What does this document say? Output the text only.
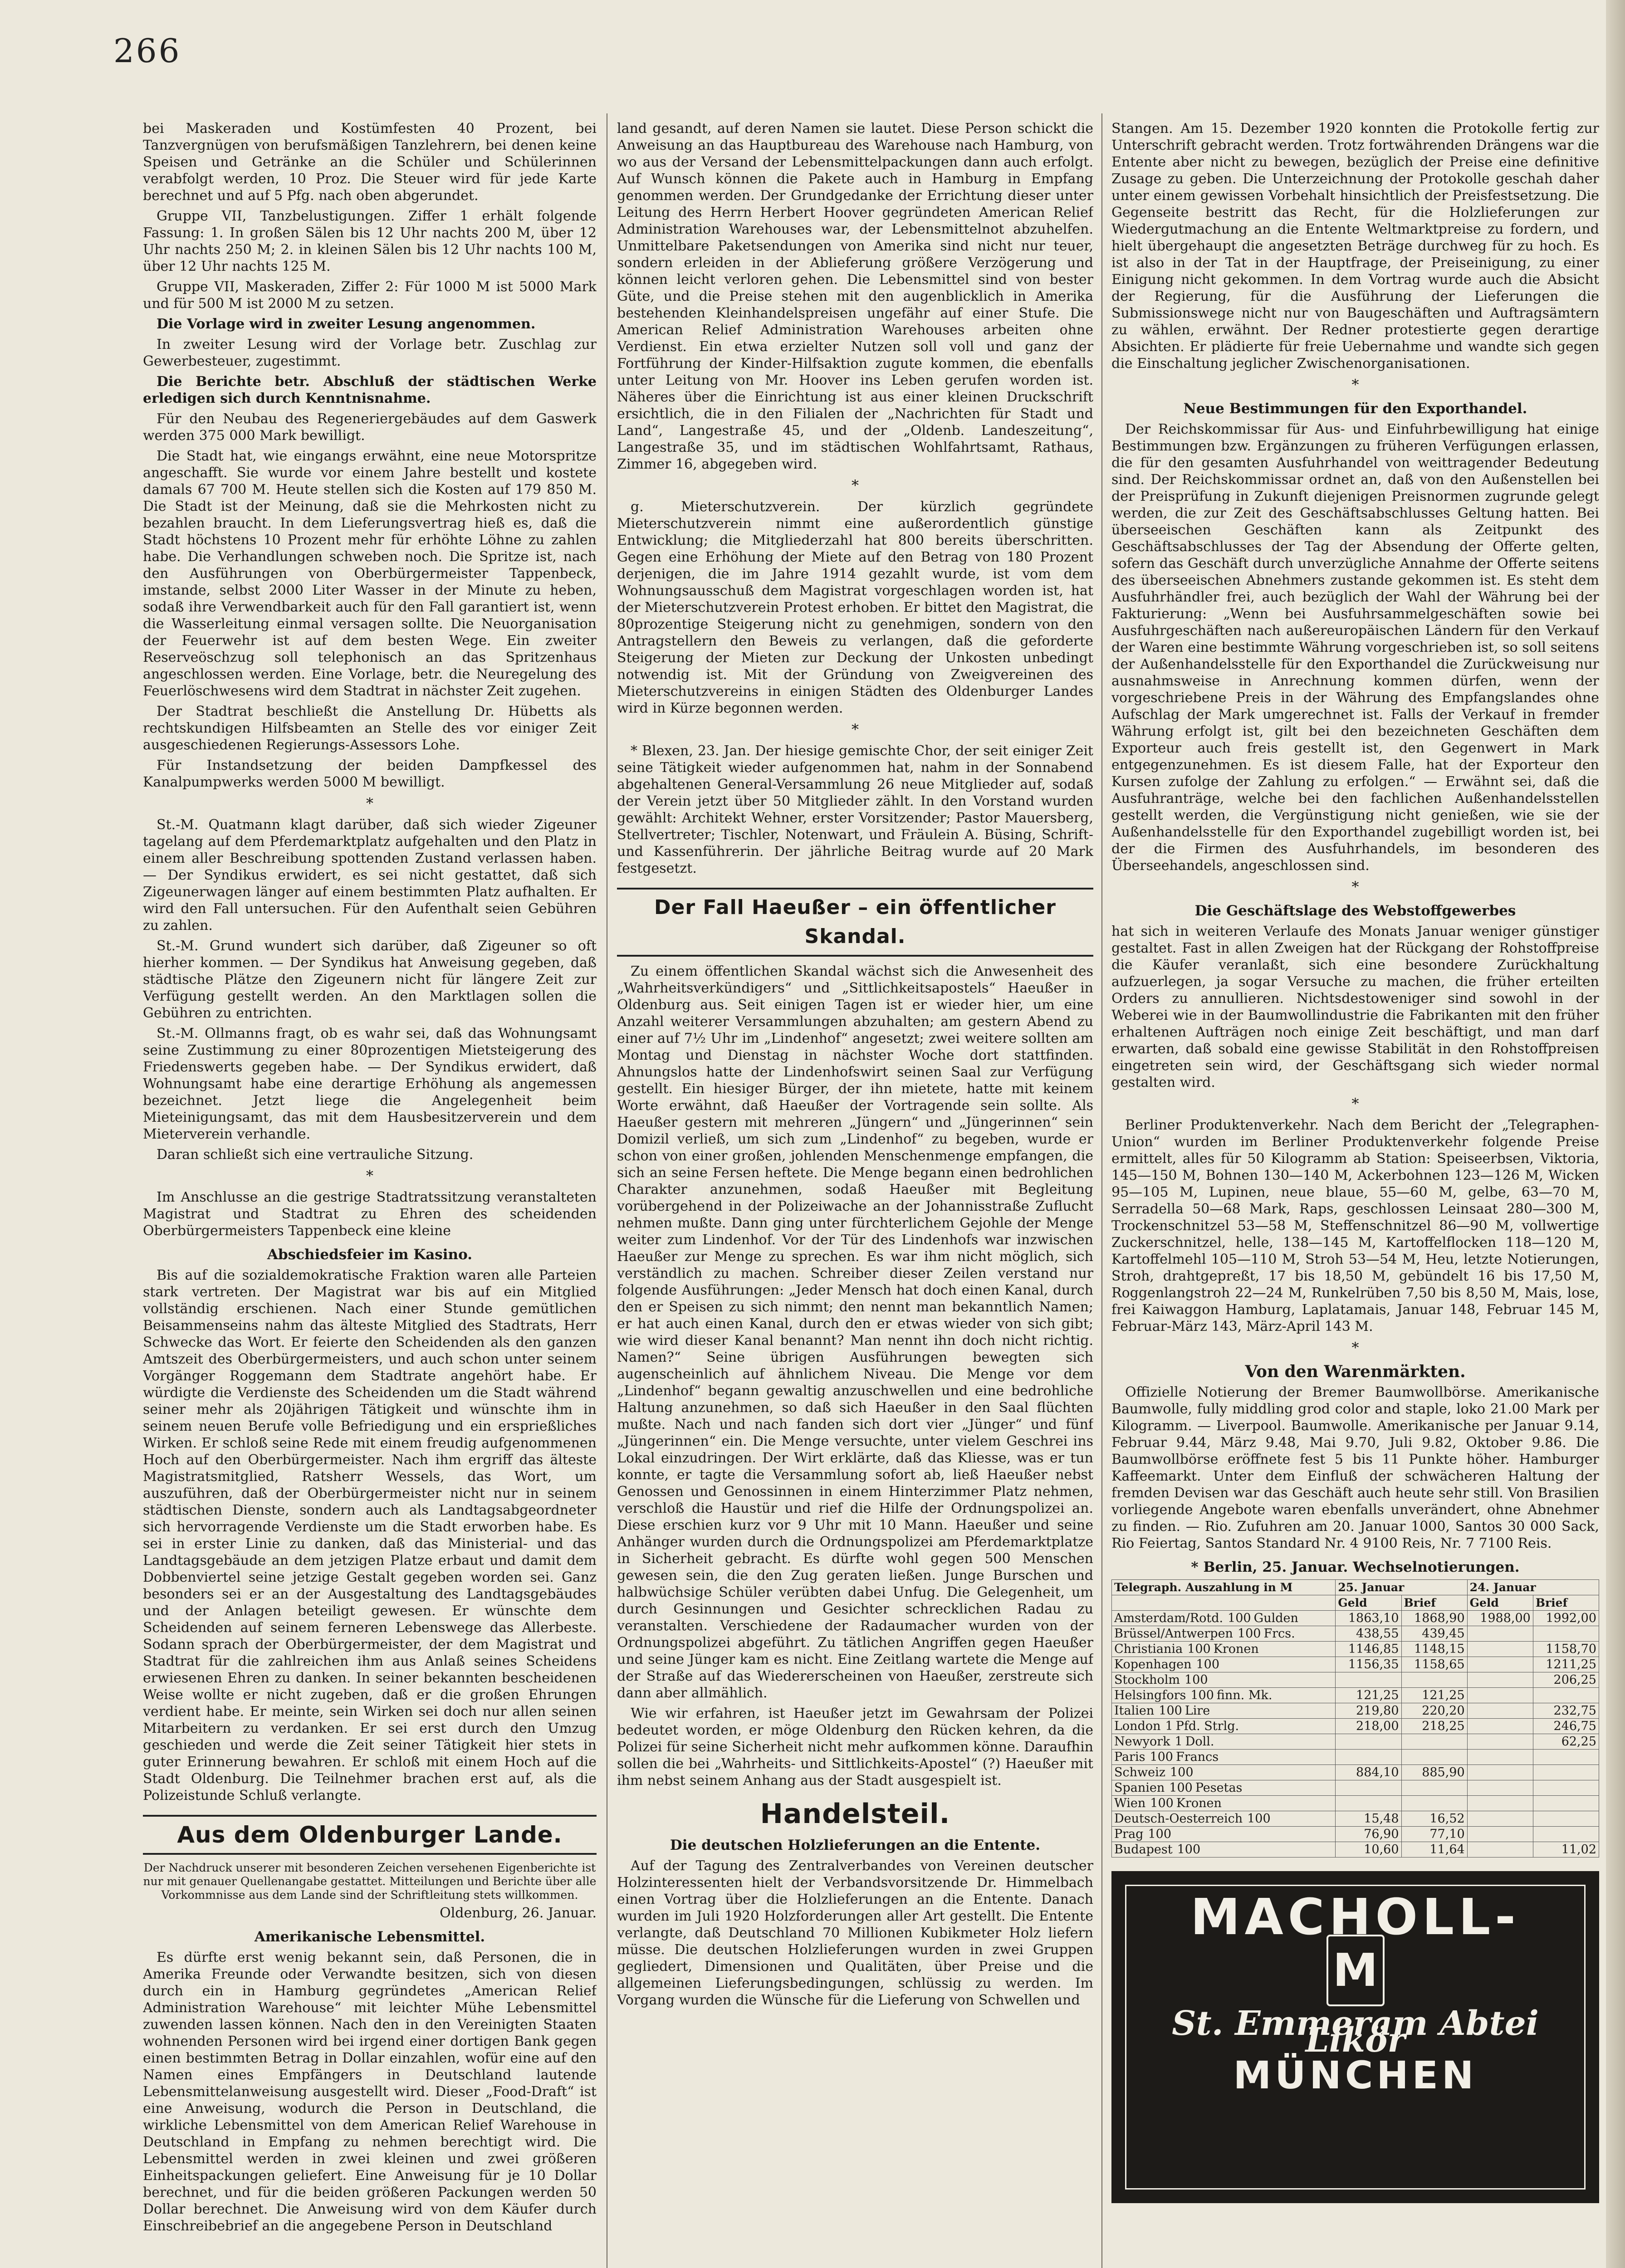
266

bei Maskeraden und Kostümfesten 40 Prozent, bei Tanzvergnügen von berufsmäßigen Tanzlehrern, bei denen keine Speisen und Getränke an die Schüler und Schülerinnen verabfolgt werden, 10 Proz. Die Steuer wird für jede Karte berechnet und auf 5 Pfg. nach oben abgerundet.

Gruppe VII, Tanzbelustigungen. Ziffer 1 erhält folgende Fassung: 1. In großen Sälen bis 12 Uhr nachts 200 M, über 12 Uhr nachts 250 M; 2. in kleinen Sälen bis 12 Uhr nachts 100 M, über 12 Uhr nachts 125 M.

Gruppe VII, Maskeraden, Ziffer 2: Für 1000 M ist 5000 Mark und für 500 M ist 2000 M zu setzen.

Die Vorlage wird in zweiter Lesung angenommen.

In zweiter Lesung wird der Vorlage betr. Zuschlag zur Gewerbesteuer, zugestimmt.

Die Berichte betr. Abschluß der städtischen Werke erledigen sich durch Kenntnisnahme.

Für den Neubau des Regeneriergebäudes auf dem Gaswerk werden 375 000 Mark bewilligt.

Die Stadt hat, wie eingangs erwähnt, eine neue Motorspritze angeschafft. Sie wurde vor einem Jahre bestellt und kostete damals 67 700 M. Heute stellen sich die Kosten auf 179 850 M. Die Stadt ist der Meinung, daß sie die Mehrkosten nicht zu bezahlen braucht. In dem Lieferungsvertrag hieß es, daß die Stadt höchstens 10 Prozent mehr für erhöhte Löhne zu zahlen habe. Die Verhandlungen schweben noch. Die Spritze ist, nach den Ausführungen von Oberbürgermeister Tappenbeck, imstande, selbst 2000 Liter Wasser in der Minute zu heben, sodaß ihre Verwendbarkeit auch für den Fall garantiert ist, wenn die Wasserleitung einmal versagen sollte. Die Neuorganisation der Feuerwehr ist auf dem besten Wege. Ein zweiter Reserveöschzug soll telephonisch an das Spritzenhaus angeschlossen werden. Eine Vorlage, betr. die Neuregelung des Feuerlöschwesens wird dem Stadtrat in nächster Zeit zugehen.

Der Stadtrat beschließt die Anstellung Dr. Hübetts als rechtskundigen Hilfsbeamten an Stelle des vor einiger Zeit ausgeschiedenen Regierungs-Assessors Lohe.

Für Instandsetzung der beiden Dampfkessel des Kanalpumpwerks werden 5000 M bewilligt.

*

St.-M. Quatmann klagt darüber, daß sich wieder Zigeuner tagelang auf dem Pferdemarktplatz aufgehalten und den Platz in einem aller Beschreibung spottenden Zustand verlassen haben. — Der Syndikus erwidert, es sei nicht gestattet, daß sich Zigeunerwagen länger auf einem bestimmten Platz aufhalten. Er wird den Fall untersuchen. Für den Aufenthalt seien Gebühren zu zahlen.

St.-M. Grund wundert sich darüber, daß Zigeuner so oft hierher kommen. — Der Syndikus hat Anweisung gegeben, daß städtische Plätze den Zigeunern nicht für längere Zeit zur Verfügung gestellt werden. An den Marktlagen sollen die Gebühren zu entrichten.

St.-M. Ollmanns fragt, ob es wahr sei, daß das Wohnungsamt seine Zustimmung zu einer 80prozentigen Mietsteigerung des Friedenswerts gegeben habe. — Der Syndikus erwidert, daß Wohnungsamt habe eine derartige Erhöhung als angemessen bezeichnet. Jetzt liege die Angelegenheit beim Mieteinigungsamt, das mit dem Hausbesitzerverein und dem Mieterverein verhandle.

Daran schließt sich eine vertrauliche Sitzung.

*

Im Anschlusse an die gestrige Stadtratssitzung veranstalteten Magistrat und Stadtrat zu Ehren des scheidenden Oberbürgermeisters Tappenbeck eine kleine

Abschiedsfeier im Kasino.

Bis auf die sozialdemokratische Fraktion waren alle Parteien stark vertreten. Der Magistrat war bis auf ein Mitglied vollständig erschienen. Nach einer Stunde gemütlichen Beisammenseins nahm das älteste Mitglied des Stadtrats, Herr Schwecke das Wort. Er feierte den Scheidenden als den ganzen Amtszeit des Oberbürgermeisters, und auch schon unter seinem Vorgänger Roggemann dem Stadtrate angehört habe. Er würdigte die Verdienste des Scheidenden um die Stadt während seiner mehr als 20jährigen Tätigkeit und wünschte ihm in seinem neuen Berufe volle Befriedigung und ein ersprießliches Wirken. Er schloß seine Rede mit einem freudig aufgenommenen Hoch auf den Oberbürgermeister. Nach ihm ergriff das älteste Magistratsmitglied, Ratsherr Wessels, das Wort, um auszuführen, daß der Oberbürgermeister nicht nur in seinem städtischen Dienste, sondern auch als Landtagsabgeordneter sich hervorragende Verdienste um die Stadt erworben habe. Es sei in erster Linie zu danken, daß das Ministerial- und das Landtagsgebäude an dem jetzigen Platze erbaut und damit dem Dobbenviertel seine jetzige Gestalt gegeben worden sei. Ganz besonders sei er an der Ausgestaltung des Landtagsgebäudes und der Anlagen beteiligt gewesen. Er wünschte dem Scheidenden auf seinem ferneren Lebenswege das Allerbeste. Sodann sprach der Oberbürgermeister, der dem Magistrat und Stadtrat für die zahlreichen ihm aus Anlaß seines Scheidens erwiesenen Ehren zu danken. In seiner bekannten bescheidenen Weise wollte er nicht zugeben, daß er die großen Ehrungen verdient habe. Er meinte, sein Wirken sei doch nur allen seinen Mitarbeitern zu verdanken. Er sei erst durch den Umzug geschieden und werde die Zeit seiner Tätigkeit hier stets in guter Erinnerung bewahren. Er schloß mit einem Hoch auf die Stadt Oldenburg. Die Teilnehmer brachen erst auf, als die Polizeistunde Schluß verlangte.

Aus dem Oldenburger Lande.
Der Nachdruck unserer mit besonderen Zeichen versehenen Eigenberichte ist nur mit genauer Quellenangabe gestattet. Mitteilungen und Berichte über alle Vorkommnisse aus dem Lande sind der Schriftleitung stets willkommen.
Oldenburg, 26. Januar.
Amerikanische Lebensmittel.

Es dürfte erst wenig bekannt sein, daß Personen, die in Amerika Freunde oder Verwandte besitzen, sich von diesen durch ein in Hamburg gegründetes „American Relief Administration Warehouse“ mit leichter Mühe Lebensmittel zuwenden lassen können. Nach den in den Vereinigten Staaten wohnenden Personen wird bei irgend einer dortigen Bank gegen einen bestimmten Betrag in Dollar einzahlen, wofür eine auf den Namen eines Empfängers in Deutschland lautende Lebensmittelanweisung ausgestellt wird. Dieser „Food-Draft“ ist eine Anweisung, wodurch die Person in Deutschland, die wirkliche Lebensmittel von dem American Relief Warehouse in Deutschland in Empfang zu nehmen berechtigt wird. Die Lebensmittel werden in zwei kleinen und zwei größeren Einheitspackungen geliefert. Eine Anweisung für je 10 Dollar berechnet, und für die beiden größeren Packungen werden 50 Dollar berechnet. Die Anweisung wird von dem Käufer durch Einschreibebrief an die angegebene Person in Deutschland

land gesandt, auf deren Namen sie lautet. Diese Person schickt die Anweisung an das Hauptbureau des Warehouse nach Hamburg, von wo aus der Versand der Lebensmittelpackungen dann auch erfolgt. Auf Wunsch können die Pakete auch in Hamburg in Empfang genommen werden. Der Grundgedanke der Errichtung dieser unter Leitung des Herrn Herbert Hoover gegründeten American Relief Administration Warehouses war, der Lebensmittelnot abzuhelfen. Unmittelbare Paketsendungen von Amerika sind nicht nur teuer, sondern erleiden in der Ablieferung größere Verzögerung und können leicht verloren gehen. Die Lebensmittel sind von bester Güte, und die Preise stehen mit den augenblicklich in Amerika bestehenden Kleinhandelspreisen ungefähr auf einer Stufe. Die American Relief Administration Warehouses arbeiten ohne Verdienst. Ein etwa erzielter Nutzen soll voll und ganz der Fortführung der Kinder-Hilfsaktion zugute kommen, die ebenfalls unter Leitung von Mr. Hoover ins Leben gerufen worden ist. Näheres über die Einrichtung ist aus einer kleinen Druckschrift ersichtlich, die in den Filialen der „Nachrichten für Stadt und Land“, Langestraße 45, und der „Oldenb. Landeszeitung“, Langestraße 35, und im städtischen Wohlfahrtsamt, Rathaus, Zimmer 16, abgegeben wird.

*

g. Mieterschutzverein. Der kürzlich gegründete Mieterschutzverein nimmt eine außerordentlich günstige Entwicklung; die Mitgliederzahl hat 800 bereits überschritten. Gegen eine Erhöhung der Miete auf den Betrag von 180 Prozent derjenigen, die im Jahre 1914 gezahlt wurde, ist vom dem Wohnungsausschuß dem Magistrat vorgeschlagen worden ist, hat der Mieterschutzverein Protest erhoben. Er bittet den Magistrat, die 80prozentige Steigerung nicht zu genehmigen, sondern von den Antragstellern den Beweis zu verlangen, daß die geforderte Steigerung der Mieten zur Deckung der Unkosten unbedingt notwendig ist. Mit der Gründung von Zweigvereinen des Mieterschutzvereins in einigen Städten des Oldenburger Landes wird in Kürze begonnen werden.

*

* Blexen, 23. Jan. Der hiesige gemischte Chor, der seit einiger Zeit seine Tätigkeit wieder aufgenommen hat, nahm in der Sonnabend abgehaltenen General-Versammlung 26 neue Mitglieder auf, sodaß der Verein jetzt über 50 Mitglieder zählt. In den Vorstand wurden gewählt: Architekt Wehner, erster Vorsitzender; Pastor Mauersberg, Stellvertreter; Tischler, Notenwart, und Fräulein A. Büsing, Schrift- und Kassenführerin. Der jährliche Beitrag wurde auf 20 Mark festgesetzt.

Der Fall Haeußer – ein öffentlicher Skandal.

Zu einem öffentlichen Skandal wächst sich die Anwesenheit des „Wahrheitsverkündigers“ und „Sittlichkeitsapostels“ Haeußer in Oldenburg aus. Seit einigen Tagen ist er wieder hier, um eine Anzahl weiterer Versammlungen abzuhalten; am gestern Abend zu einer auf 7½ Uhr im „Lindenhof“ angesetzt; zwei weitere sollten am Montag und Dienstag in nächster Woche dort stattfinden. Ahnungslos hatte der Lindenhofswirt seinen Saal zur Verfügung gestellt. Ein hiesiger Bürger, der ihn mietete, hatte mit keinem Worte erwähnt, daß Haeußer der Vortragende sein sollte. Als Haeußer gestern mit mehreren „Jüngern“ und „Jüngerinnen“ sein Domizil verließ, um sich zum „Lindenhof“ zu begeben, wurde er schon von einer großen, johlenden Menschenmenge empfangen, die sich an seine Fersen heftete. Die Menge begann einen bedrohlichen Charakter anzunehmen, sodaß Haeußer mit Begleitung vorübergehend in der Polizeiwache an der Johannisstraße Zuflucht nehmen mußte. Dann ging unter fürchterlichem Gejohle der Menge weiter zum Lindenhof. Vor der Tür des Lindenhofs war inzwischen Haeußer zur Menge zu sprechen. Es war ihm nicht möglich, sich verständlich zu machen. Schreiber dieser Zeilen verstand nur folgende Ausführungen: „Jeder Mensch hat doch einen Kanal, durch den er Speisen zu sich nimmt; den nennt man bekanntlich Namen; er hat auch einen Kanal, durch den er etwas wieder von sich gibt; wie wird dieser Kanal benannt? Man nennt ihn doch nicht richtig. Namen?“ Seine übrigen Ausführungen bewegten sich augenscheinlich auf ähnlichem Niveau. Die Menge vor dem „Lindenhof“ begann gewaltig anzuschwellen und eine bedrohliche Haltung anzunehmen, so daß sich Haeußer in den Saal flüchten mußte. Nach und nach fanden sich dort vier „Jünger“ und fünf „Jüngerinnen“ ein. Die Menge versuchte, unter vielem Geschrei ins Lokal einzudringen. Der Wirt erklärte, daß das Kliesse, was er tun konnte, er tagte die Versammlung sofort ab, ließ Haeußer nebst Genossen und Genossinnen in einem Hinterzimmer Platz nehmen, verschloß die Haustür und rief die Hilfe der Ordnungspolizei an. Diese erschien kurz vor 9 Uhr mit 10 Mann. Haeußer und seine Anhänger wurden durch die Ordnungspolizei am Pferdemarktplatze in Sicherheit gebracht. Es dürfte wohl gegen 500 Menschen gewesen sein, die den Zug geraten ließen. Junge Burschen und halbwüchsige Schüler verübten dabei Unfug. Die Gelegenheit, um durch Gesinnungen und Gesichter schrecklichen Radau zu veranstalten. Verschiedene der Radaumacher wurden von der Ordnungspolizei abgeführt. Zu tätlichen Angriffen gegen Haeußer und seine Jünger kam es nicht. Eine Zeitlang wartete die Menge auf der Straße auf das Wiedererscheinen von Haeußer, zerstreute sich dann aber allmählich.

Wie wir erfahren, ist Haeußer jetzt im Gewahrsam der Polizei bedeutet worden, er möge Oldenburg den Rücken kehren, da die Polizei für seine Sicherheit nicht mehr aufkommen könne. Daraufhin sollen die bei „Wahrheits- und Sittlichkeits-Apostel“ (?) Haeußer mit ihm nebst seinem Anhang aus der Stadt ausgespielt ist.

Handelsteil.
Die deutschen Holzlieferungen an die Entente.

Auf der Tagung des Zentralverbandes von Vereinen deutscher Holzinteressenten hielt der Verbandsvorsitzende Dr. Himmelbach einen Vortrag über die Holzlieferungen an die Entente. Danach wurden im Juli 1920 Holzforderungen aller Art gestellt. Die Entente verlangte, daß Deutschland 70 Millionen Kubikmeter Holz liefern müsse. Die deutschen Holzlieferungen wurden in zwei Gruppen gegliedert, Dimensionen und Qualitäten, über Preise und die allgemeinen Lieferungsbedingungen, schlüssig zu werden. Im Vorgang wurden die Wünsche für die Lieferung von Schwellen und

Stangen. Am 15. Dezember 1920 konnten die Protokolle fertig zur Unterschrift gebracht werden. Trotz fortwährenden Drängens war die Entente aber nicht zu bewegen, bezüglich der Preise eine definitive Zusage zu geben. Die Unterzeichnung der Protokolle geschah daher unter einem gewissen Vorbehalt hinsichtlich der Preisfestsetzung. Die Gegenseite bestritt das Recht, für die Holzlieferungen zur Wiedergutmachung an die Entente Weltmarktpreise zu fordern, und hielt übergehaupt die angesetzten Beträge durchweg für zu hoch. Es ist also in der Tat in der Hauptfrage, der Preiseinigung, zu einer Einigung nicht gekommen. In dem Vortrag wurde auch die Absicht der Regierung, für die Ausführung der Lieferungen die Submissionswege nicht nur von Baugeschäften und Auftragsämtern zu wählen, erwähnt. Der Redner protestierte gegen derartige Absichten. Er plädierte für freie Uebernahme und wandte sich gegen die Einschaltung jeglicher Zwischenorganisationen.

*
Neue Bestimmungen für den Exporthandel.

Der Reichskommissar für Aus- und Einfuhrbewilligung hat einige Bestimmungen bzw. Ergänzungen zu früheren Verfügungen erlassen, die für den gesamten Ausfuhrhandel von weittragender Bedeutung sind. Der Reichskommissar ordnet an, daß von den Außenstellen bei der Preisprüfung in Zukunft diejenigen Preisnormen zugrunde gelegt werden, die zur Zeit des Geschäftsabschlusses Geltung hatten. Bei überseeischen Geschäften kann als Zeitpunkt des Geschäftsabschlusses der Tag der Absendung der Offerte gelten, sofern das Geschäft durch unverzügliche Annahme der Offerte seitens des überseeischen Abnehmers zustande gekommen ist. Es steht dem Ausfuhrhändler frei, auch bezüglich der Wahl der Währung bei der Fakturierung: „Wenn bei Ausfuhrsammelgeschäften sowie bei Ausfuhrgeschäften nach außereuropäischen Ländern für den Verkauf der Waren eine bestimmte Währung vorgeschrieben ist, so soll seitens der Außenhandelsstelle für den Exporthandel die Zurückweisung nur ausnahmsweise in Anrechnung kommen dürfen, wenn der vorgeschriebene Preis in der Währung des Empfangslandes ohne Aufschlag der Mark umgerechnet ist. Falls der Verkauf in fremder Währung erfolgt ist, gilt bei den bezeichneten Geschäften dem Exporteur auch freis gestellt ist, den Gegenwert in Mark entgegenzunehmen. Es ist diesem Falle, hat der Exporteur den Kursen zufolge der Zahlung zu erfolgen.“ — Erwähnt sei, daß die Ausfuhranträge, welche bei den fachlichen Außenhandelsstellen gestellt werden, die Vergünstigung nicht genießen, wie sie der Außenhandelsstelle für den Exporthandel zugebilligt worden ist, bei der die Firmen des Ausfuhrhandels, im besonderen des Überseehandels, angeschlossen sind.

*
Die Geschäftslage des Webstoffgewerbes

hat sich in weiteren Verlaufe des Monats Januar weniger günstiger gestaltet. Fast in allen Zweigen hat der Rückgang der Rohstoffpreise die Käufer veranlaßt, sich eine besondere Zurückhaltung aufzuerlegen, ja sogar Versuche zu machen, die früher erteilten Orders zu annullieren. Nichtsdestoweniger sind sowohl in der Weberei wie in der Baumwollindustrie die Fabrikanten mit den früher erhaltenen Aufträgen noch einige Zeit beschäftigt, und man darf erwarten, daß sobald eine gewisse Stabilität in den Rohstoffpreisen eingetreten sein wird, der Geschäftsgang sich wieder normal gestalten wird.

*

Berliner Produktenverkehr. Nach dem Bericht der „Telegraphen-Union“ wurden im Berliner Produktenverkehr folgende Preise ermittelt, alles für 50 Kilogramm ab Station: Speiseerbsen, Viktoria, 145—150 M, Bohnen 130—140 M, Ackerbohnen 123—126 M, Wicken 95—105 M, Lupinen, neue blaue, 55—60 M, gelbe, 63—70 M, Serradella 50—68 Mark, Raps, geschlossen Leinsaat 280—300 M, Trockenschnitzel 53—58 M, Steffenschnitzel 86—90 M, vollwertige Zuckerschnitzel, helle, 138—145 M, Kartoffelflocken 118—120 M, Kartoffelmehl 105—110 M, Stroh 53—54 M, Heu, letzte Notierungen, Stroh, drahtgepreßt, 17 bis 18,50 M, gebündelt 16 bis 17,50 M, Roggenlangstroh 22—24 M, Runkelrüben 7,50 bis 8,50 M, Mais, lose, frei Kaiwaggon Hamburg, Laplatamais, Januar 148, Februar 145 M, Februar-März 143, März-April 143 M.

*
Von den Warenmärkten.

Offizielle Notierung der Bremer Baumwollbörse. Amerikanische Baumwolle, fully middling grod color and staple, loko 21.00 Mark per Kilogramm. — Liverpool. Baumwolle. Amerikanische per Januar 9.14, Februar 9.44, März 9.48, Mai 9.70, Juli 9.82, Oktober 9.86. Die Baumwollbörse eröffnete fest 5 bis 11 Punkte höher. Hamburger Kaffeemarkt. Unter dem Einfluß der schwächeren Haltung der fremden Devisen war das Geschäft auch heute sehr still. Von Brasilien vorliegende Angebote waren ebenfalls unverändert, ohne Abnehmer zu finden. — Rio. Zufuhren am 20. Januar 1000, Santos 30 000 Sack, Rio Feiertag, Santos Standard Nr. 4 9100 Reis, Nr. 7 7100 Reis.

* Berlin, 25. Januar. Wechselnotierungen.
Telegraph. Auszahlung in M	25. Januar		24. Januar	
	Geld	Brief	Geld	Brief
Amsterdam/Rotd. 100 Gulden	1863,10	1868,90	1988,00	1992,00
Brüssel/Antwerpen 100 Frcs.	438,55	439,45		
Christiania 100 Kronen	1146,85	1148,15		1158,70
Kopenhagen 100	1156,35	1158,65		1211,25
Stockholm 100				206,25
Helsingfors 100 finn. Mk.	121,25	121,25		
Italien 100 Lire	219,80	220,20		232,75
London 1 Pfd. Strlg.	218,00	218,25		246,75
Newyork 1 Doll.				62,25
Paris 100 Francs				
Schweiz 100	884,10	885,90		
Spanien 100 Pesetas				
Wien 100 Kronen				
Deutsch-Oesterreich 100	15,48	16,52		
Prag 100	76,90	77,10		
Budapest 100	10,60	11,64		11,02
MACHOLL-
M
St. Emmeram Abtei Likör
MÜNCHEN
